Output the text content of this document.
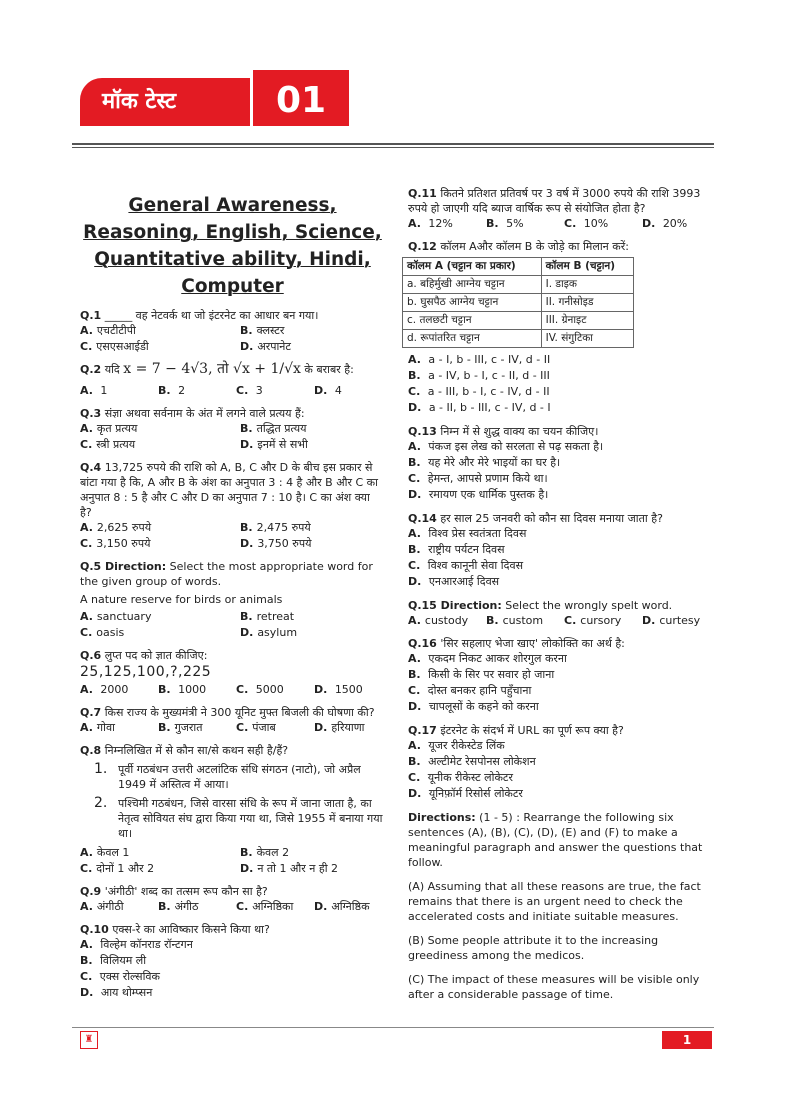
मॉक टेस्ट	01
General Awareness, Reasoning, English, Science, Quantitative ability, Hindi, Computer
Q.1 _____ वह नेटवर्क था जो इंटरनेट का आधार बन गया।
A. एचटीटीपी	B. क्लस्टर
C. एसएसआईडी	D. अरपानेट
Q.2 यदि x = 7 − 4√3, तो √x + 1/√x के बराबर है:
A. 1	B. 2	C. 3	D. 4
Q.3 संज्ञा अथवा सर्वनाम के अंत में लगने वाले प्रत्यय हैं:
A. कृत प्रत्यय	B. तद्धित प्रत्यय
C. स्त्री प्रत्यय	D. इनमें से सभी
Q.4 13,725 रुपये की राशि को A, B, C और D के बीच इस प्रकार से बांटा गया है कि, A और B के अंश का अनुपात 3 : 4 है और B और C का अनुपात 8 : 5 है और C और D का अनुपात 7 : 10 है। C का अंश क्या है?
A. 2,625 रुपये	B. 2,475 रुपये
C. 3,150 रुपये	D. 3,750 रुपये
Q.5 Direction: Select the most appropriate word for the given group of words.
A nature reserve for birds or animals
A. sanctuary	B. retreat
C. oasis	D. asylum
Q.6 लुप्त पद को ज्ञात कीजिए:
25,125,100,?,225
A. 2000	B. 1000	C. 5000	D. 1500
Q.7 किस राज्य के मुख्यमंत्री ने 300 यूनिट मुफ्त बिजली की घोषणा की?
A. गोवा	B. गुजरात	C. पंजाब	D. हरियाणा
Q.8 निम्नलिखित में से कौन सा/से कथन सही है/हैं?
1. पूर्वी गठबंधन उत्तरी अटलांटिक संधि संगठन (नाटो), जो अप्रैल 1949 में अस्तित्व में आया।
2. पश्चिमी गठबंधन, जिसे वारसा संधि के रूप में जाना जाता है, का नेतृत्व सोवियत संघ द्वारा किया गया था, जिसे 1955 में बनाया गया था।
A. केवल 1	B. केवल 2
C. दोनों 1 और 2	D. न तो 1 और न ही 2
Q.9 'अंगीठी' शब्द का तत्सम रूप कौन सा है?
A. अंगीठी	B. अंगीठ	C. अग्निष्ठिका	D. अग्निष्ठिक
Q.10 एक्स-रे का आविष्कार किसने किया था?
A. विल्हेम कॉनराड रॉन्टगन
B. विलियम ली
C. एक्स रोल्सविक
D. आय थोम्प्सन
Q.11 कितने प्रतिशत प्रतिवर्ष पर 3 वर्ष में 3000 रुपये की राशि 3993 रुपये हो जाएगी यदि ब्याज वार्षिक रूप से संयोजित होता है?
A. 12%	B. 5%	C. 10%	D. 20%
Q.12 कॉलम Aऔर कॉलम B के जोड़े का मिलान करें:
कॉलम A (चट्टान का प्रकार)	कॉलम B (चट्टान)
a. बहिर्मुखी आग्नेय चट्टान	I. डाइक
b. घुसपैठ आग्नेय चट्टान	II. गनीसोइड
c. तलछटी चट्टान	III. ग्रेनाइट
d. रूपांतरित चट्टान	IV. संगुटिका
A. a - I, b - III, c - IV, d - II
B. a - IV, b - I, c - II, d - III
C. a - III, b - I, c - IV, d - II
D. a - II, b - III, c - IV, d - I
Q.13 निम्न में से शुद्ध वाक्य का चयन कीजिए।
A. पंकज इस लेख को सरलता से पढ़ सकता है।
B. यह मेरे और मेरे भाइयों का घर है।
C. हेमन्त, आपसे प्रणाम किये था।
D. रमायण एक धार्मिक पुस्तक है।
Q.14 हर साल 25 जनवरी को कौन सा दिवस मनाया जाता है?
A. विश्व प्रेस स्वतंत्रता दिवस
B. राष्ट्रीय पर्यटन दिवस
C. विश्व कानूनी सेवा दिवस
D. एनआरआई दिवस
Q.15 Direction: Select the wrongly spelt word.
A. custody	B. custom	C. cursory	D. curtesy
Q.16 'सिर सहलाए भेजा खाए' लोकोक्ति का अर्थ है:
A. एकदम निकट आकर शोरगुल करना
B. किसी के सिर पर सवार हो जाना
C. दोस्त बनकर हानि पहुँचाना
D. चापलूसों के कहने को करना
Q.17 इंटरनेट के संदर्भ में URL का पूर्ण रूप क्या है?
A. यूजर रीकेस्टेड लिंक
B. अल्टीमेट रेसपोनस लोकेशन
C. यूनीक रीकेस्ट लोकेटर
D. यूनिफ़ॉर्म रिसोर्स लोकेटर
Directions: (1 - 5) : Rearrange the following six sentences (A), (B), (C), (D), (E) and (F) to make a meaningful paragraph and answer the questions that follow.
(A) Assuming that all these reasons are true, the fact remains that there is an urgent need to check the accelerated costs and initiate suitable measures.
(B) Some people attribute it to the increasing greediness among the medicos.
(C) The impact of these measures will be visible only after a considerable passage of time.
♜	1
